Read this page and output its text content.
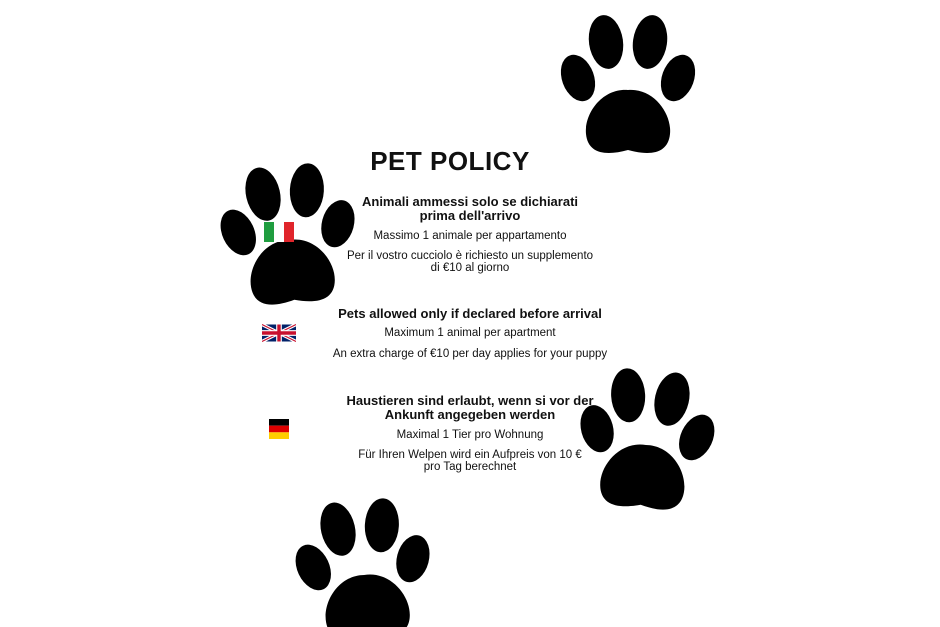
PET POLICY

Animali ammessi solo se dichiarati

prima dell'arrivo

Massimo 1 animale per appartamento

Per il vostro cucciolo è richiesto un supplemento

di €10 al giorno

Pets allowed only if declared before arrival

Maximum 1 animal per apartment

An extra charge of €10 per day applies for your puppy

Haustieren sind erlaubt, wenn si vor der

Ankunft angegeben werden

Maximal 1 Tier pro Wohnung

Für Ihren Welpen wird ein Aufpreis von 10 €

pro Tag berechnet
